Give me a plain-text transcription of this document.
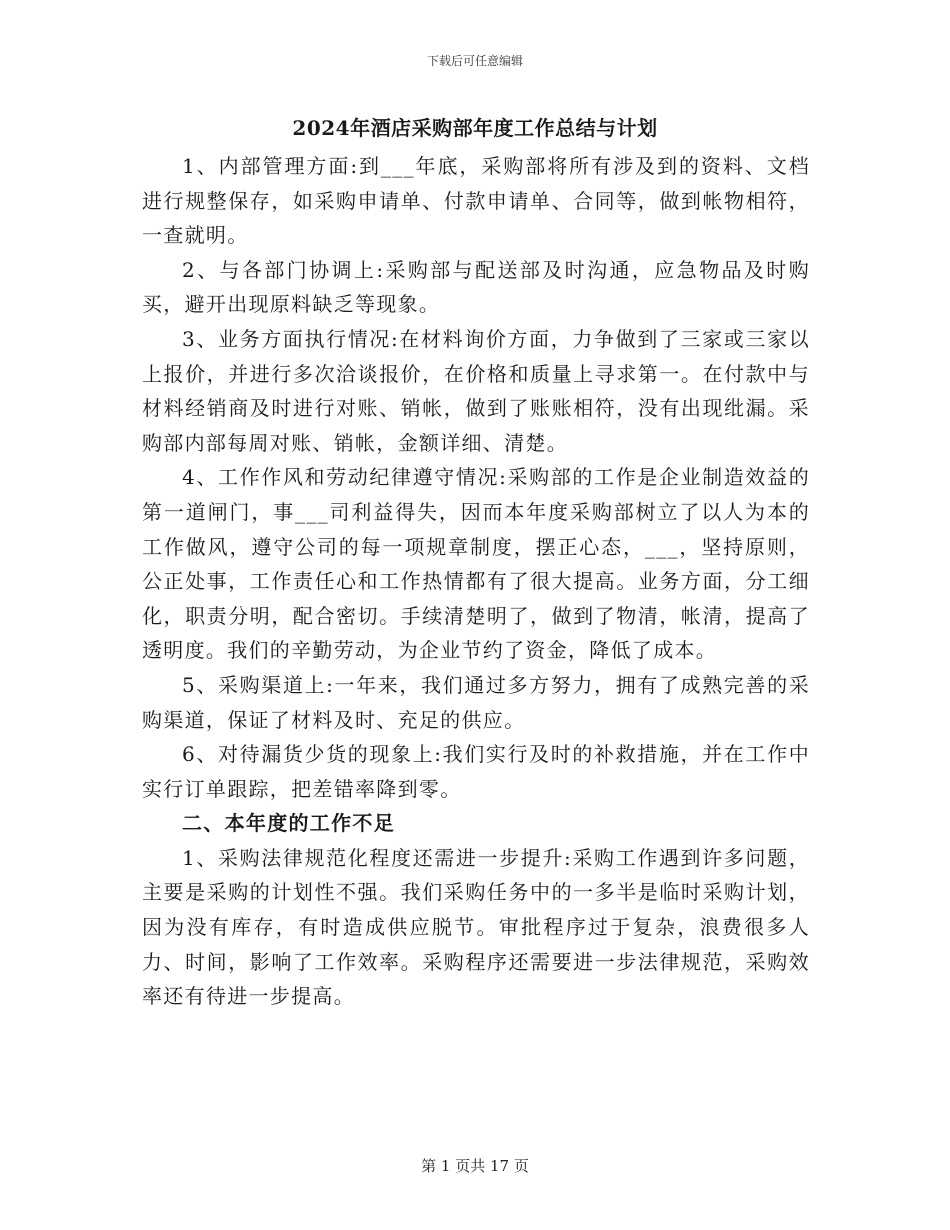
下载后可任意编辑
2024年酒店采购部年度工作总结与计划

1、内部管理方面:到___年底，采购部将所有涉及到的资料、文档进行规整保存，如采购申请单、付款申请单、合同等，做到帐物相符，一查就明。

2、与各部门协调上:采购部与配送部及时沟通，应急物品及时购买，避开出现原料缺乏等现象。

3、业务方面执行情况:在材料询价方面，力争做到了三家或三家以上报价，并进行多次洽谈报价，在价格和质量上寻求第一。在付款中与材料经销商及时进行对账、销帐，做到了账账相符，没有出现纰漏。采购部内部每周对账、销帐，金额详细、清楚。

4、工作作风和劳动纪律遵守情况:采购部的工作是企业制造效益的第一道闸门，事___司利益得失，因而本年度采购部树立了以人为本的工作做风，遵守公司的每一项规章制度，摆正心态，___，坚持原则，公正处事，工作责任心和工作热情都有了很大提高。业务方面，分工细化，职责分明，配合密切。手续清楚明了，做到了物清，帐清，提高了透明度。我们的辛勤劳动，为企业节约了资金，降低了成本。

5、采购渠道上:一年来，我们通过多方努力，拥有了成熟完善的采购渠道，保证了材料及时、充足的供应。

6、对待漏货少货的现象上:我们实行及时的补救措施，并在工作中实行订单跟踪，把差错率降到零。

二、本年度的工作不足

1、采购法律规范化程度还需进一步提升:采购工作遇到许多问题，主要是采购的计划性不强。我们采购任务中的一多半是临时采购计划，因为没有库存，有时造成供应脱节。审批程序过于复杂，浪费很多人力、时间，影响了工作效率。采购程序还需要进一步法律规范，采购效率还有待进一步提高。

第 1 页共 17 页
